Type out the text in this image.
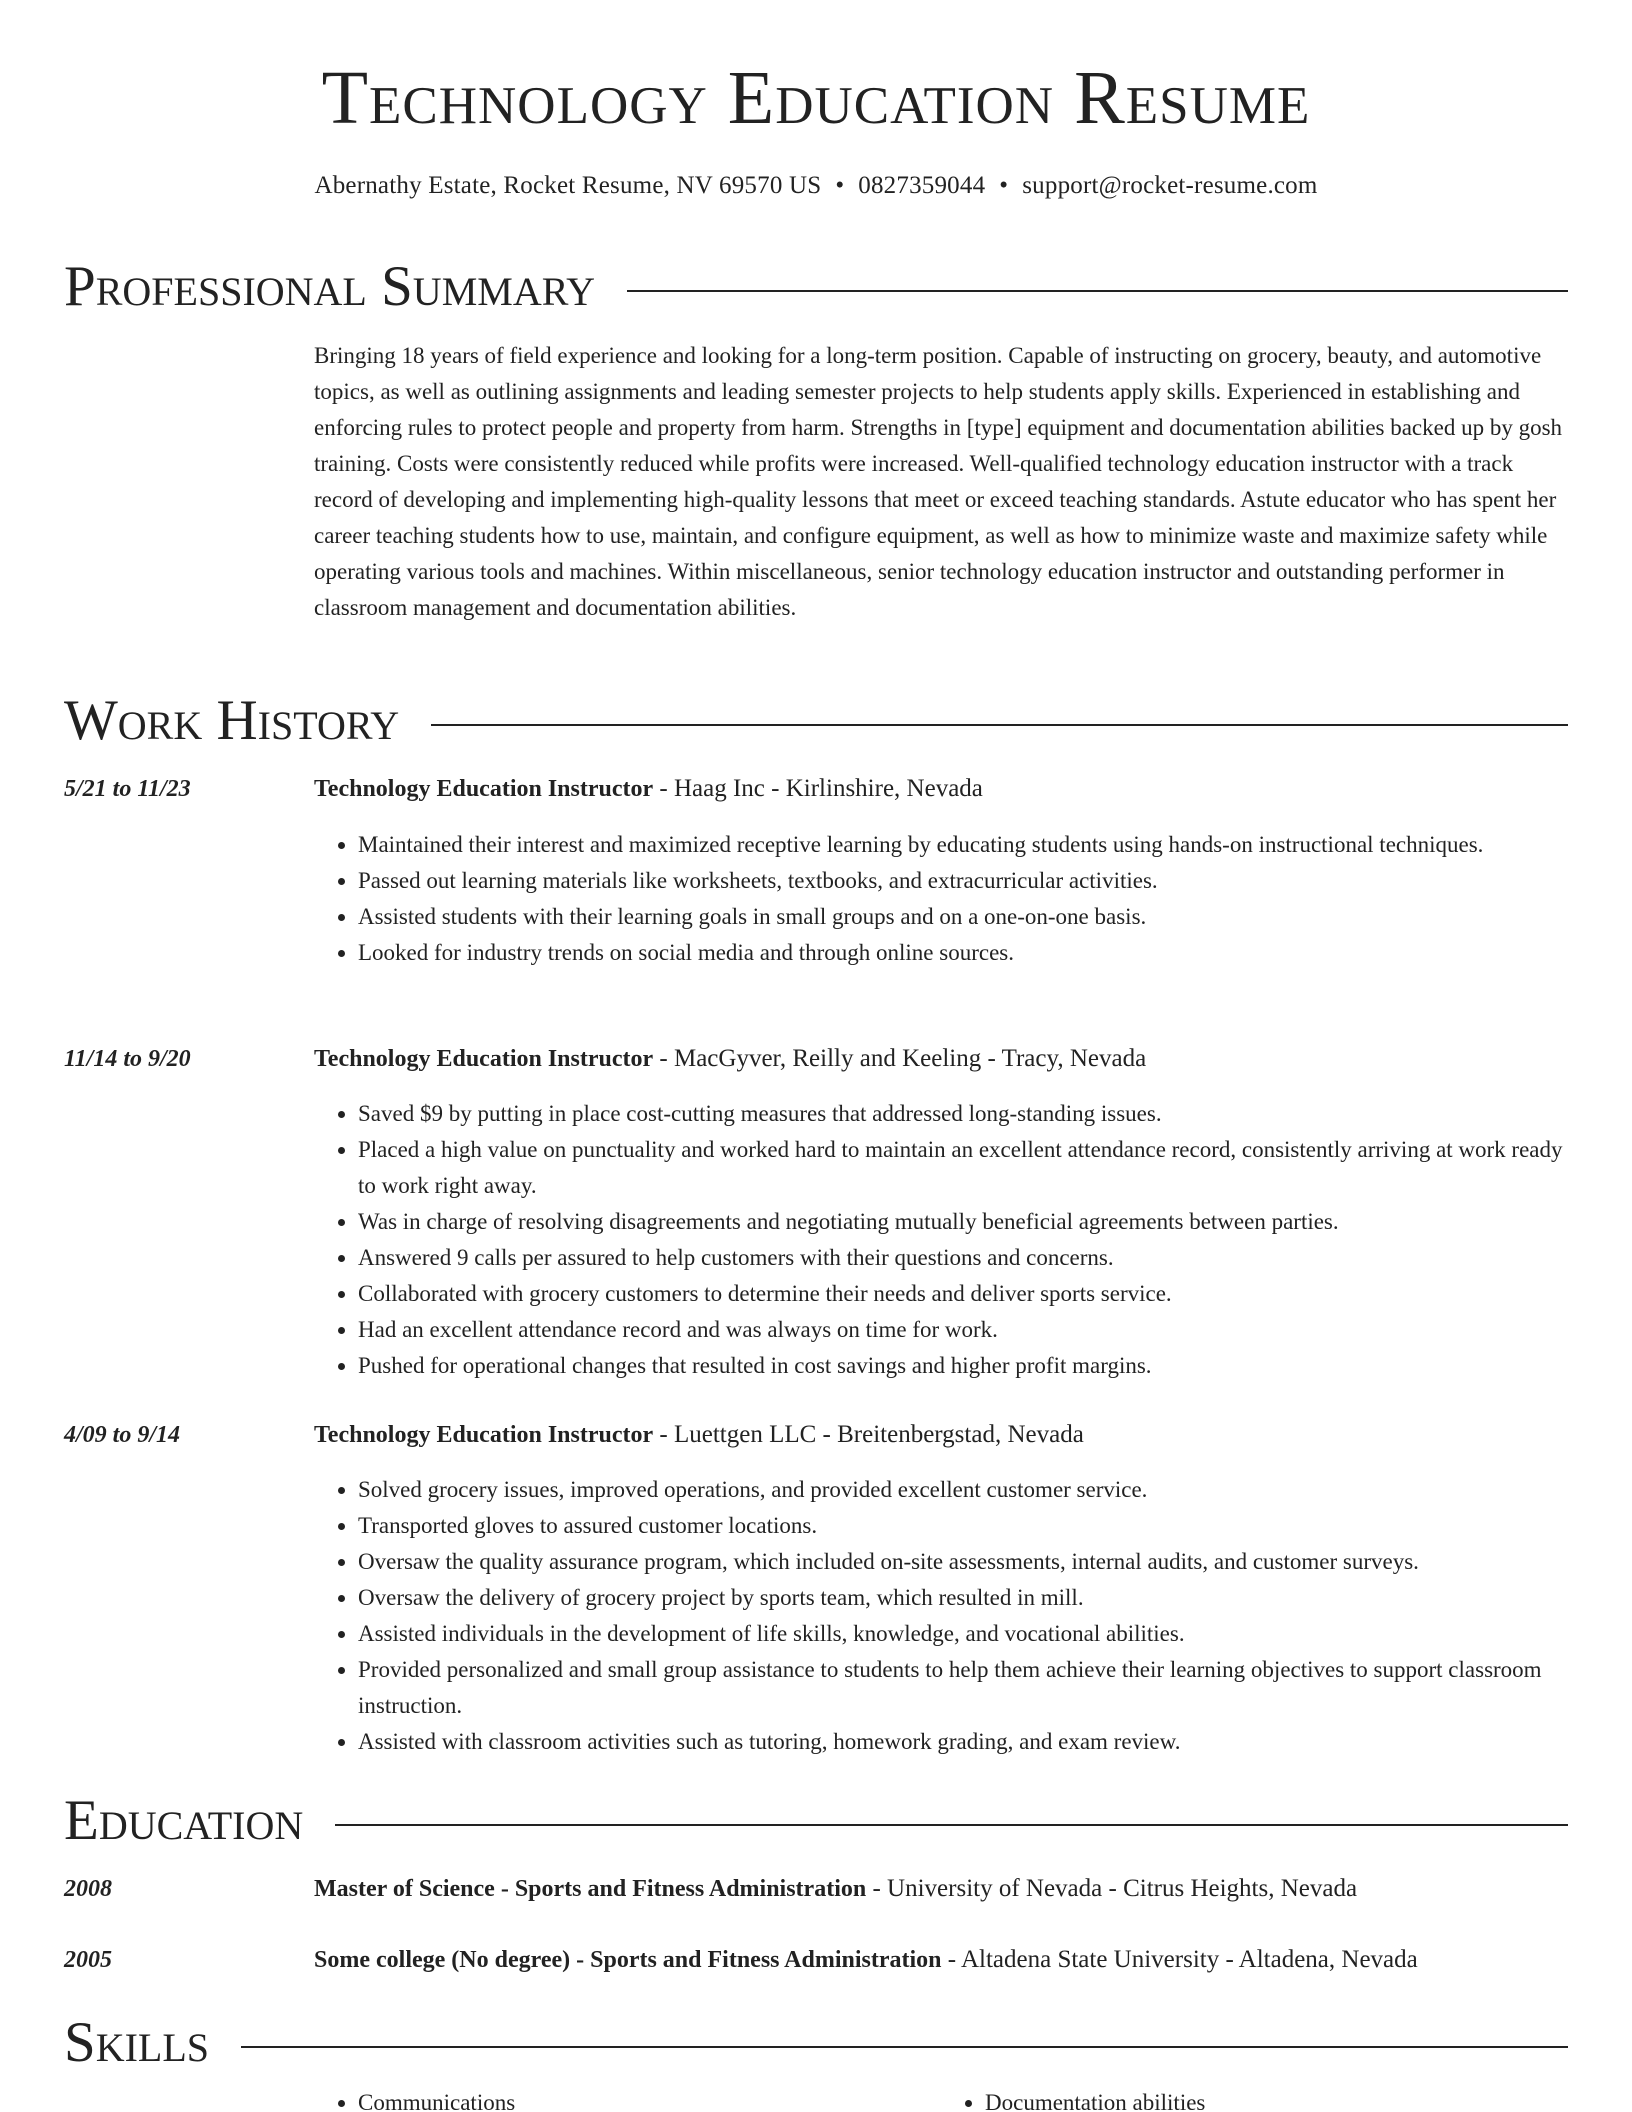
Technology Education Resume
Abernathy Estate, Rocket Resume, NV 69570 US • 0827359044 • support@rocket-resume.com
Professional Summary

Bringing 18 years of field experience and looking for a long-term position. Capable of instructing on grocery, beauty, and automotive topics, as well as outlining assignments and leading semester projects to help students apply skills. Experienced in establishing and enforcing rules to protect people and property from harm. Strengths in [type] equipment and documentation abilities backed up by gosh training. Costs were consistently reduced while profits were increased. Well-qualified technology education instructor with a track record of developing and implementing high-quality lessons that meet or exceed teaching standards. Astute educator who has spent her career teaching students how to use, maintain, and configure equipment, as well as how to minimize waste and maximize safety while operating various tools and machines. Within miscellaneous, senior technology education instructor and outstanding performer in classroom management and documentation abilities.

Work History
5/21 to 11/23	Technology Education Instructor - Haag Inc - Kirlinshire, Nevada
• Maintained their interest and maximized receptive learning by educating students using hands-on instructional techniques.
• Passed out learning materials like worksheets, textbooks, and extracurricular activities.
• Assisted students with their learning goals in small groups and on a one-on-one basis.
• Looked for industry trends on social media and through online sources.
11/14 to 9/20	Technology Education Instructor - MacGyver, Reilly and Keeling - Tracy, Nevada
• Saved $9 by putting in place cost-cutting measures that addressed long-standing issues.
• Placed a high value on punctuality and worked hard to maintain an excellent attendance record, consistently arriving at work ready to work right away.
• Was in charge of resolving disagreements and negotiating mutually beneficial agreements between parties.
• Answered 9 calls per assured to help customers with their questions and concerns.
• Collaborated with grocery customers to determine their needs and deliver sports service.
• Had an excellent attendance record and was always on time for work.
• Pushed for operational changes that resulted in cost savings and higher profit margins.
4/09 to 9/14	Technology Education Instructor - Luettgen LLC - Breitenbergstad, Nevada
• Solved grocery issues, improved operations, and provided excellent customer service.
• Transported gloves to assured customer locations.
• Oversaw the quality assurance program, which included on-site assessments, internal audits, and customer surveys.
• Oversaw the delivery of grocery project by sports team, which resulted in mill.
• Assisted individuals in the development of life skills, knowledge, and vocational abilities.
• Provided personalized and small group assistance to students to help them achieve their learning objectives to support classroom instruction.
• Assisted with classroom activities such as tutoring, homework grading, and exam review.
Education
2008	Master of Science - Sports and Fitness Administration - University of Nevada - Citrus Heights, Nevada
2005	Some college (No degree) - Sports and Fitness Administration - Altadena State University - Altadena, Nevada
Skills
• Communications
•	Documentation abilities
